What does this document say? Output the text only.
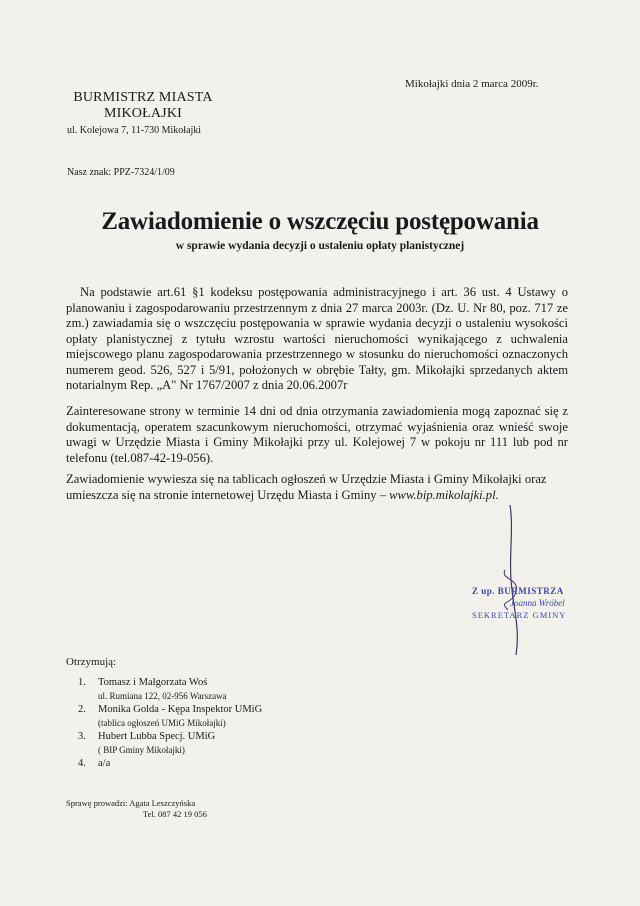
Mikołajki dnia 2 marca 2009r.
BURMISTRZ MIASTA
MIKOŁAJKI
ul. Kolejowa 7, 11-730 Mikołajki
Nasz znak: PPZ-7324/1/09
Zawiadomienie o wszczęciu postępowania
w sprawie wydania decyzji o ustaleniu opłaty planistycznej
Na podstawie art.61 §1 kodeksu postępowania administracyjnego i art. 36 ust. 4 Ustawy o planowaniu i zagospodarowaniu przestrzennym z dnia 27 marca 2003r. (Dz. U. Nr 80, poz. 717 ze zm.) zawiadamia się o wszczęciu postępowania w sprawie wydania decyzji o ustaleniu wysokości opłaty planistycznej z tytułu wzrostu wartości nieruchomości wynikającego z uchwalenia miejscowego planu zagospodarowania przestrzennego w stosunku do nieruchomości oznaczonych numerem geod. 526, 527 i 5/91, położonych w obrębie Tałty, gm. Mikołajki sprzedanych aktem notarialnym Rep. „A" Nr 1767/2007 z dnia 20.06.2007r
Zainteresowane strony w terminie 14 dni od dnia otrzymania zawiadomienia mogą zapoznać się z dokumentacją, operatem szacunkowym nieruchomości, otrzymać wyjaśnienia oraz wnieść swoje uwagi w Urzędzie Miasta i Gminy Mikołajki przy ul. Kolejowej 7 w pokoju nr 111 lub pod nr telefonu (tel.087-42-19-056).
Zawiadomienie wywiesza się na tablicach ogłoszeń w Urzędzie Miasta i Gminy Mikołajki oraz umieszcza się na stronie internetowej Urzędu Miasta i Gminy – www.bip.mikolajki.pl.
Z up. BURMISTRZA
Joanna Wróbel
SEKRETARZ GMINY
Otrzymują:
1. Tomasz i Małgorzata Woś
ul. Rumiana 122, 02-956 Warszawa
2. Monika Golda - Kępa Inspektor UMiG
(tablica ogłoszeń UMiG Mikołajki)
3. Hubert Lubba Specj. UMiG
( BIP Gminy Mikołajki)
4. a/a
Sprawę prowadzi: Agata Leszczyńska
Tel. 087 42 19 056
